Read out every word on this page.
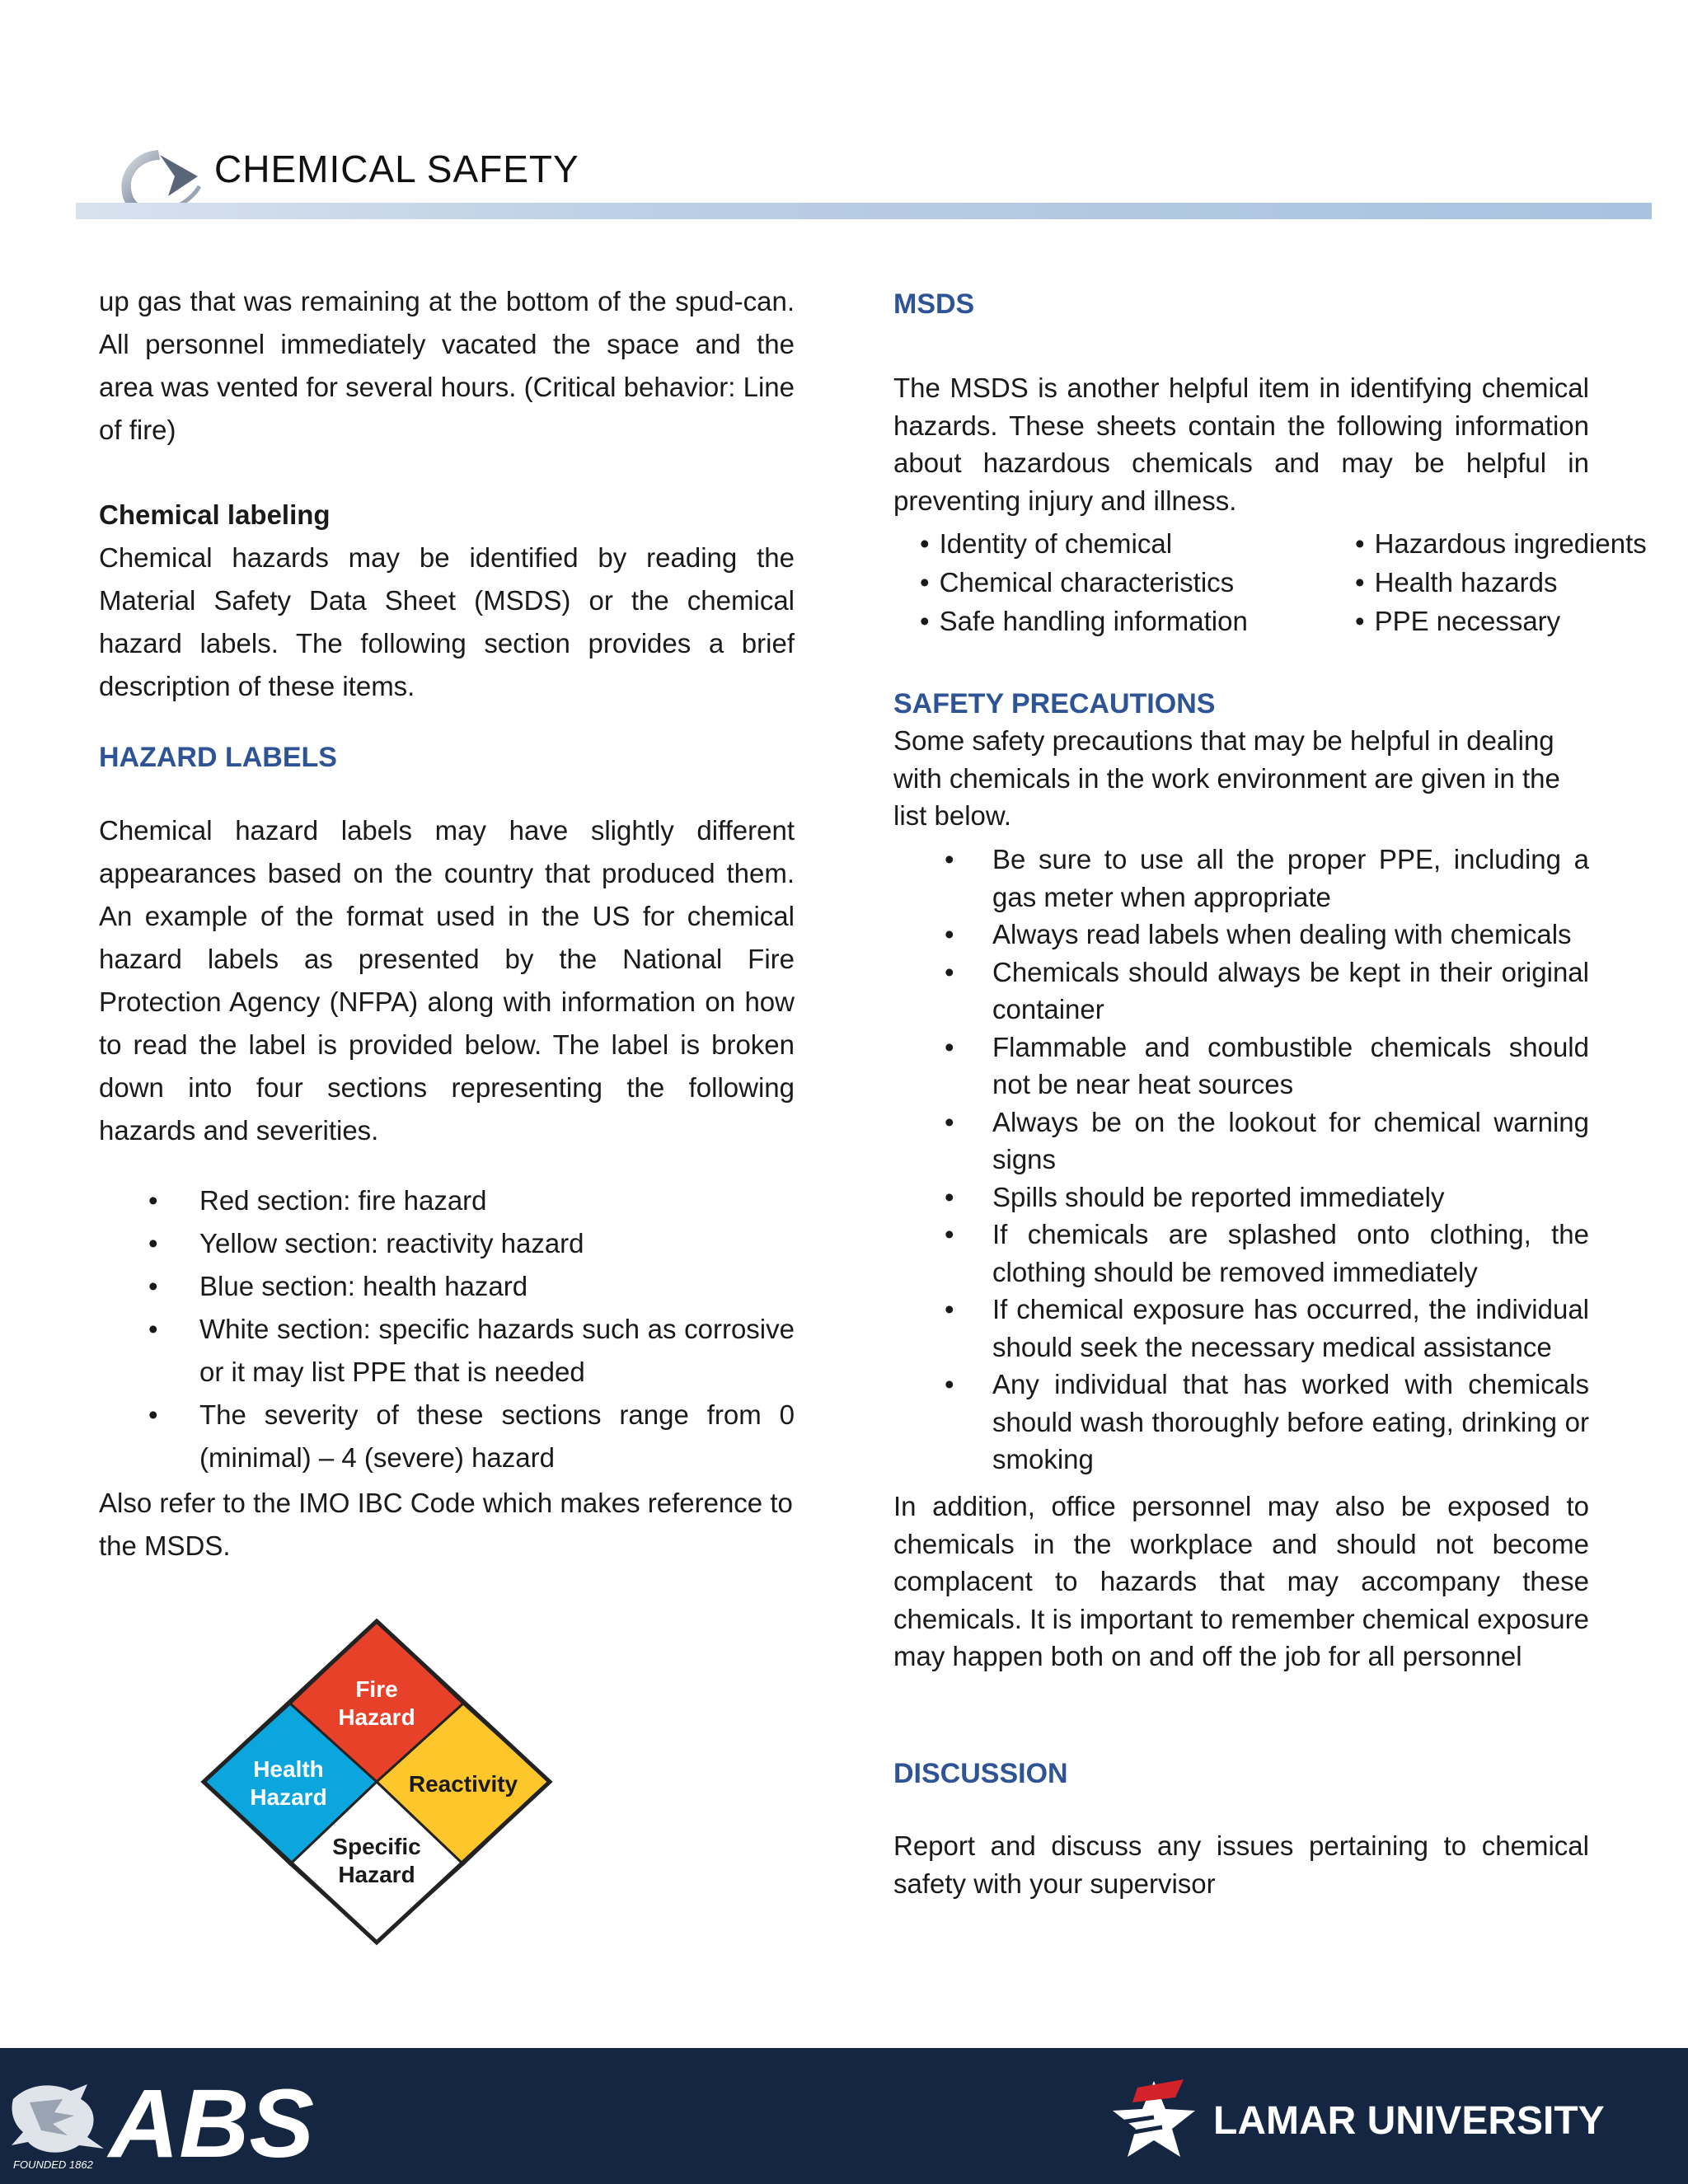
CHEMICAL SAFETY

up gas that was remaining at the bottom of the spud-can. All personnel immediately vacated the space and the area was vented for several hours. (Critical behavior: Line of fire)

Chemical labeling

Chemical hazards may be identified by reading the Material Safety Data Sheet (MSDS) or the chemical hazard labels. The following section provides a brief description of these items.

HAZARD LABELS

Chemical hazard labels may have slightly different appearances based on the country that produced them. An example of the format used in the US for chemical hazard labels as presented by the National Fire Protection Agency (NFPA) along with information on how to read the label is provided below. The label is broken down into four sections representing the following hazards and severities.

• Red section: fire hazard
• Yellow section: reactivity hazard
• Blue section: health hazard
• White section: specific hazards such as corrosive or it may list PPE that is needed
• The severity of these sections range from 0 (minimal) – 4 (severe) hazard

Also refer to the IMO IBC Code which makes reference to the MSDS.

Fire
Hazard
Health
Hazard
Reactivity
Specific
Hazard

MSDS

The MSDS is another helpful item in identifying chemical hazards. These sheets contain the following information about hazardous chemicals and may be helpful in preventing injury and illness.

• Identity of chemical
• Chemical characteristics
• Safe handling information
• Hazardous ingredients
• Health hazards
• PPE necessary

SAFETY PRECAUTIONS

Some safety precautions that may be helpful in dealing with chemicals in the work environment are given in the list below.

• Be sure to use all the proper PPE, including a gas meter when appropriate
• Always read labels when dealing with chemicals
• Chemicals should always be kept in their original container
• Flammable and combustible chemicals should not be near heat sources
• Always be on the lookout for chemical warning signs
• Spills should be reported immediately
• If chemicals are splashed onto clothing, the clothing should be removed immediately
• If chemical exposure has occurred, the individual should seek the necessary medical assistance
• Any individual that has worked with chemicals should wash thoroughly before eating, drinking or smoking

In addition, office personnel may also be exposed to chemicals in the workplace and should not become complacent to hazards that may accompany these chemicals. It is important to remember chemical exposure may happen both on and off the job for all personnel

DISCUSSION

Report and discuss any issues pertaining to chemical safety with your supervisor

ABS
FOUNDED 1862
LAMAR UNIVERSITY
